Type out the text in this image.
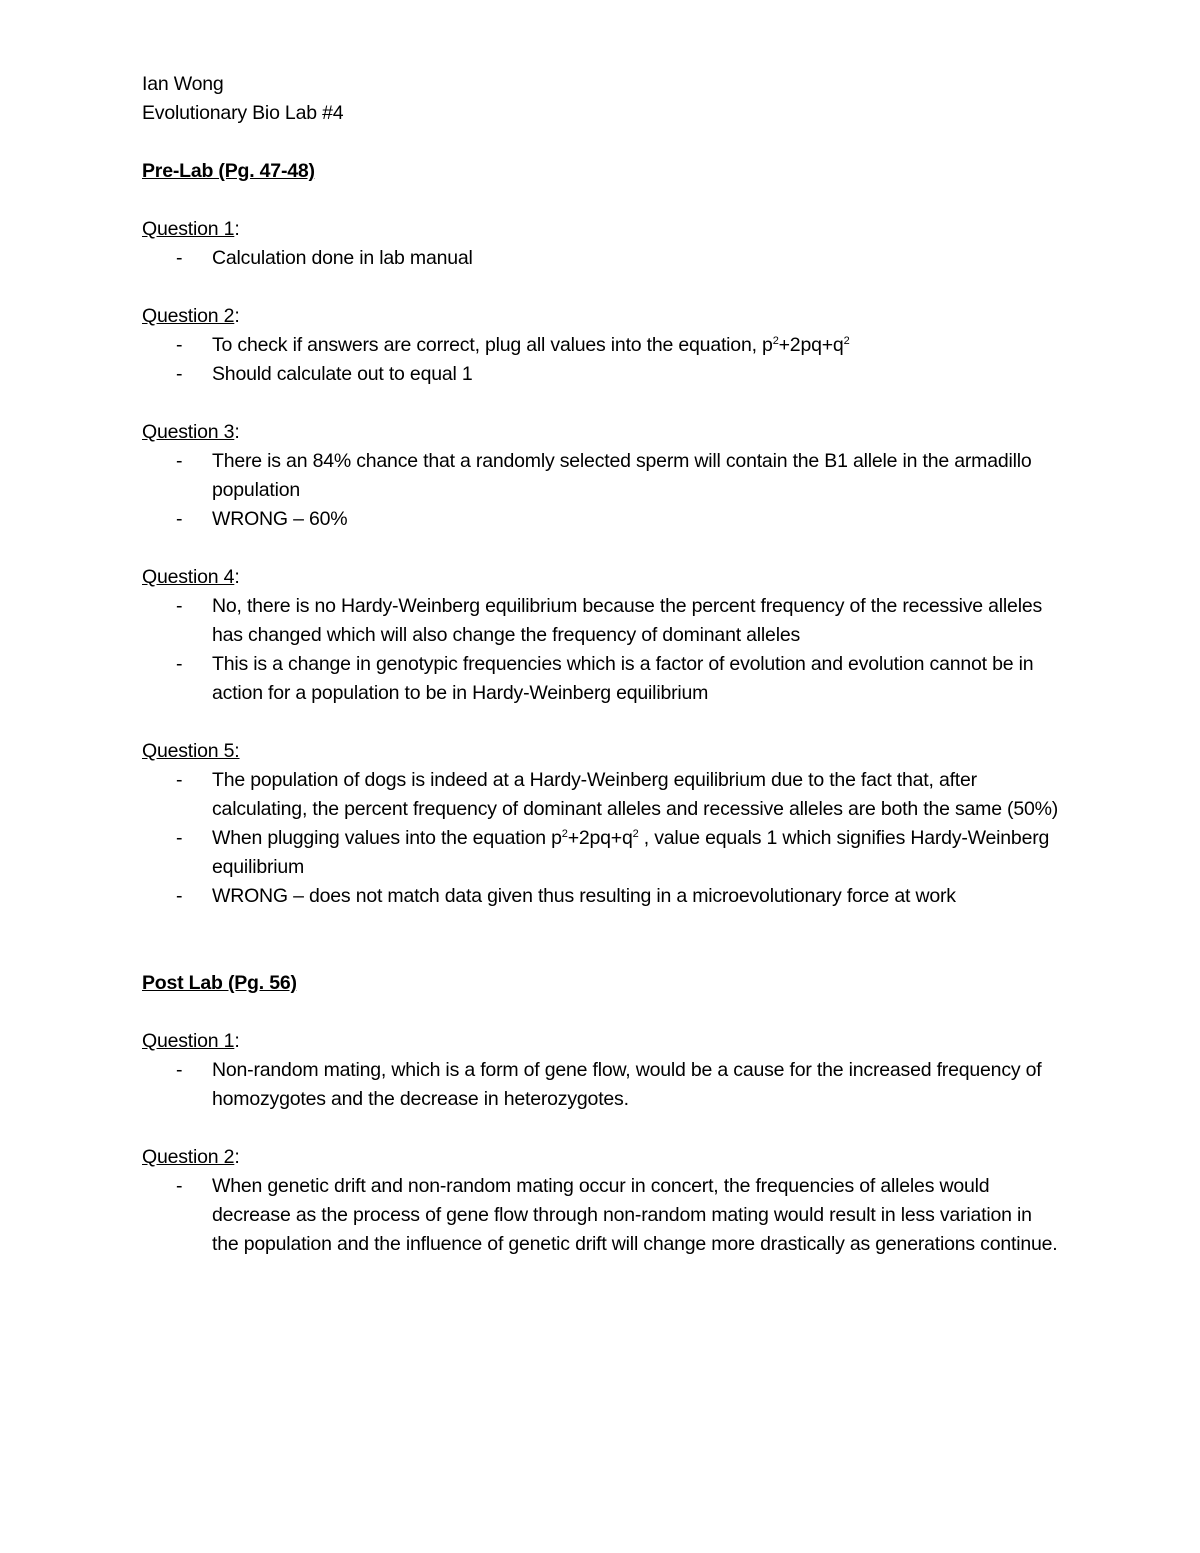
Ian Wong
Evolutionary Bio Lab #4
Pre-Lab (Pg. 47-48)
Question 1:
- Calculation done in lab manual
Question 2:
- To check if answers are correct, plug all values into the equation, $p^2+2pq+q^2$
- Should calculate out to equal 1
Question 3:
- There is an 84% chance that a randomly selected sperm will contain the B1 allele in the armadillo population
- WRONG – 60%
Question 4:
- No, there is no Hardy-Weinberg equilibrium because the percent frequency of the recessive alleles has changed which will also change the frequency of dominant alleles
- This is a change in genotypic frequencies which is a factor of evolution and evolution cannot be in action for a population to be in Hardy-Weinberg equilibrium
Question 5:
- The population of dogs is indeed at a Hardy-Weinberg equilibrium due to the fact that, after calculating, the percent frequency of dominant alleles and recessive alleles are both the same (50%)
- When plugging values into the equation $p^2+2pq+q^2$ , value equals 1 which signifies Hardy-Weinberg equilibrium
- WRONG – does not match data given thus resulting in a microevolutionary force at work
Post Lab (Pg. 56)
Question 1:
- Non-random mating, which is a form of gene flow, would be a cause for the increased frequency of homozygotes and the decrease in heterozygotes.
Question 2:
- When genetic drift and non-random mating occur in concert, the frequencies of alleles would decrease as the process of gene flow through non-random mating would result in less variation in the population and the influence of genetic drift will change more drastically as generations continue.
